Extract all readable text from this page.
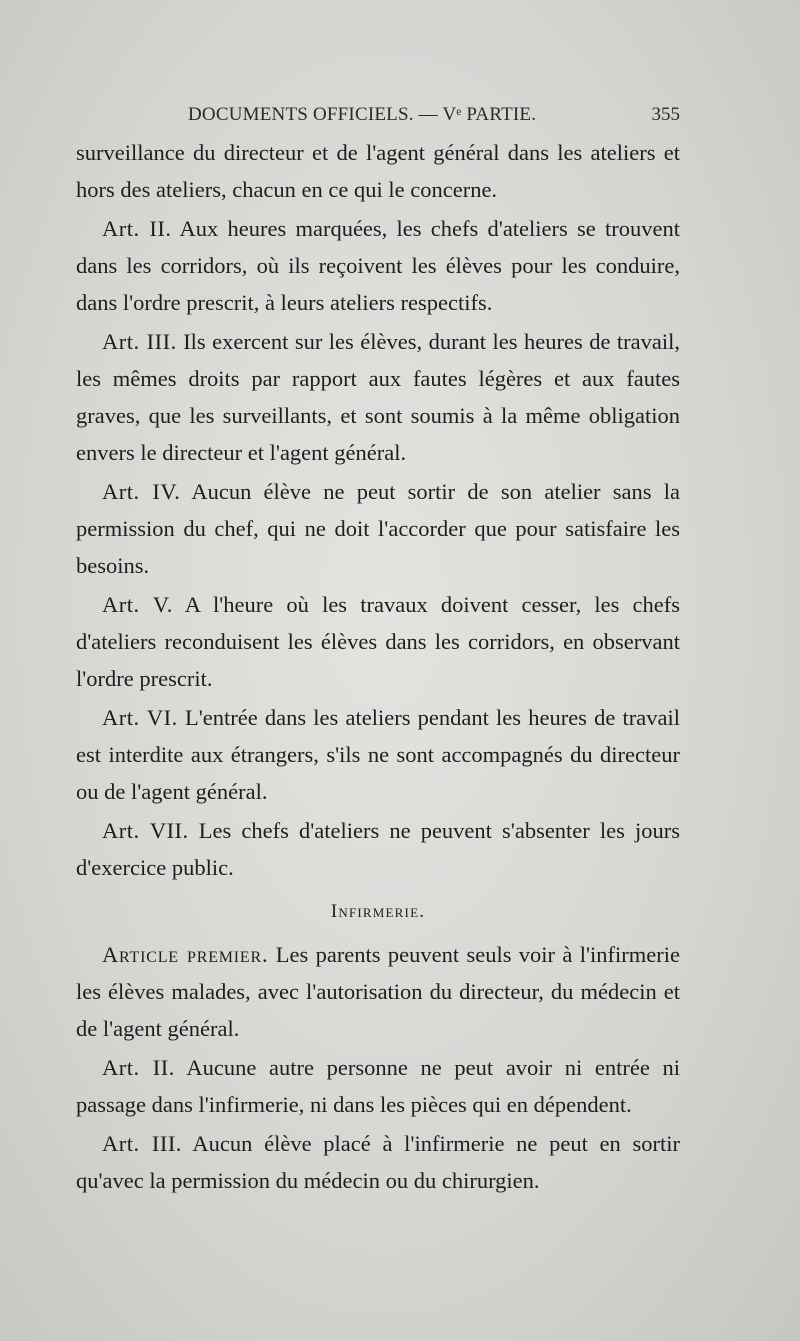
DOCUMENTS OFFICIELS. — Vᵉ PARTIE.	355

surveillance du directeur et de l'agent général dans les ateliers et hors des ateliers, chacun en ce qui le concerne.

Art. II. Aux heures marquées, les chefs d'ateliers se trouvent dans les corridors, où ils reçoivent les élèves pour les conduire, dans l'ordre prescrit, à leurs ateliers respectifs.

Art. III. Ils exercent sur les élèves, durant les heures de travail, les mêmes droits par rapport aux fautes légères et aux fautes graves, que les surveillants, et sont soumis à la même obligation envers le directeur et l'agent général.

Art. IV. Aucun élève ne peut sortir de son atelier sans la permission du chef, qui ne doit l'accorder que pour satisfaire les besoins.

Art. V. A l'heure où les travaux doivent cesser, les chefs d'ateliers reconduisent les élèves dans les corridors, en observant l'ordre prescrit.

Art. VI. L'entrée dans les ateliers pendant les heures de travail est interdite aux étrangers, s'ils ne sont accompagnés du directeur ou de l'agent général.

Art. VII. Les chefs d'ateliers ne peuvent s'absenter les jours d'exercice public.

Infirmerie.

Article premier. Les parents peuvent seuls voir à l'infirmerie les élèves malades, avec l'autorisation du directeur, du médecin et de l'agent général.

Art. II. Aucune autre personne ne peut avoir ni entrée ni passage dans l'infirmerie, ni dans les pièces qui en dépendent.

Art. III. Aucun élève placé à l'infirmerie ne peut en sortir qu'avec la permission du médecin ou du chirurgien.
